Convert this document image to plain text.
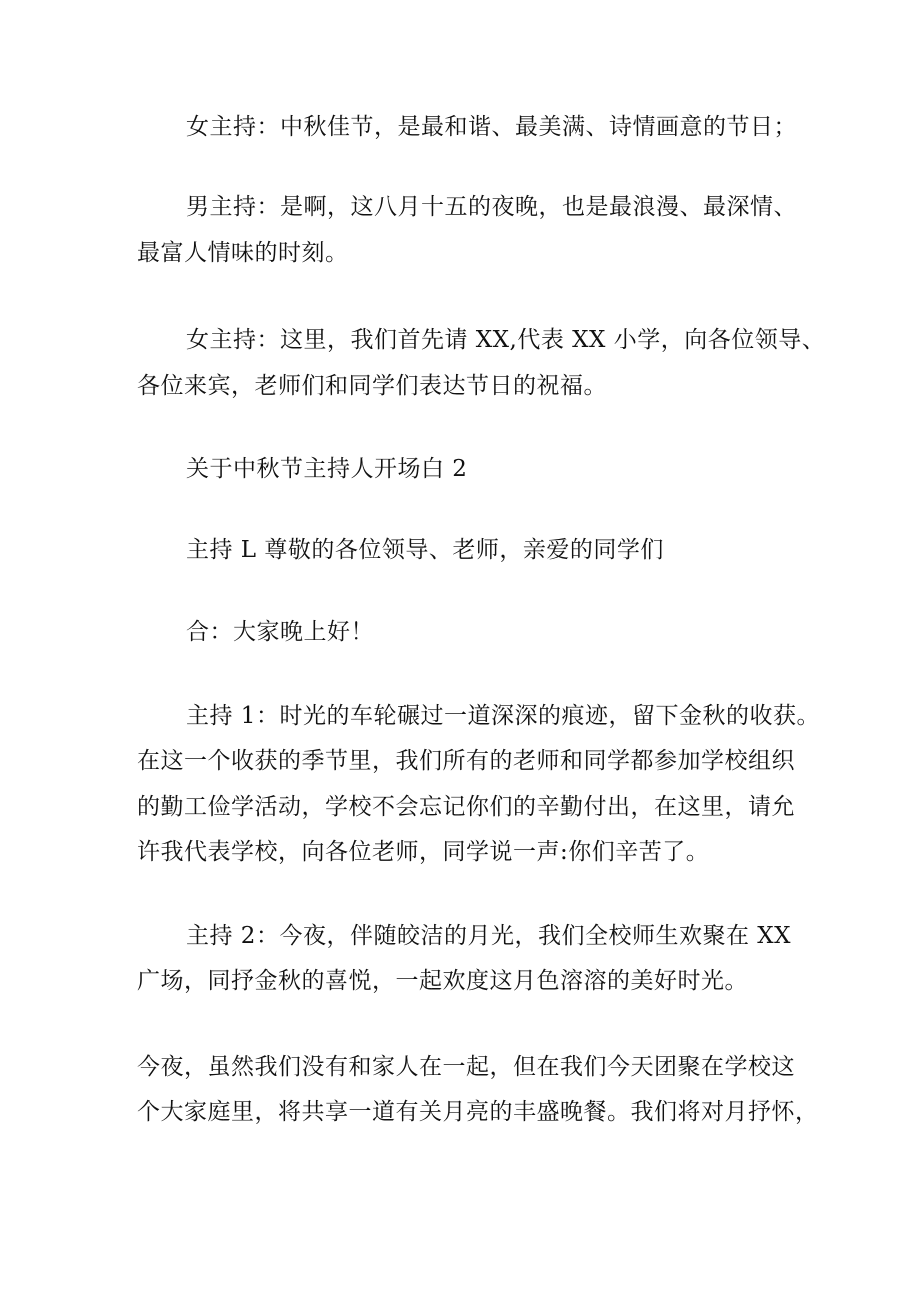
女主持：中秋佳节，是最和谐、最美满、诗情画意的节日；
男主持：是啊，这八月十五的夜晚，也是最浪漫、最深情、
最富人情味的时刻。
女主持：这里，我们首先请 XX,代表 XX 小学，向各位领导、
各位来宾，老师们和同学们表达节日的祝福。
关于中秋节主持人开场白 2
主持 L 尊敬的各位领导、老师，亲爱的同学们
合：大家晚上好！
主持 1：时光的车轮碾过一道深深的痕迹，留下金秋的收获。
在这一个收获的季节里，我们所有的老师和同学都参加学校组织
的勤工俭学活动，学校不会忘记你们的辛勤付出，在这里，请允
许我代表学校，向各位老师，同学说一声:你们辛苦了。
主持 2：今夜，伴随皎洁的月光，我们全校师生欢聚在 XX
广场，同抒金秋的喜悦，一起欢度这月色溶溶的美好时光。
今夜，虽然我们没有和家人在一起，但在我们今天团聚在学校这
个大家庭里，将共享一道有关月亮的丰盛晚餐。我们将对月抒怀，
